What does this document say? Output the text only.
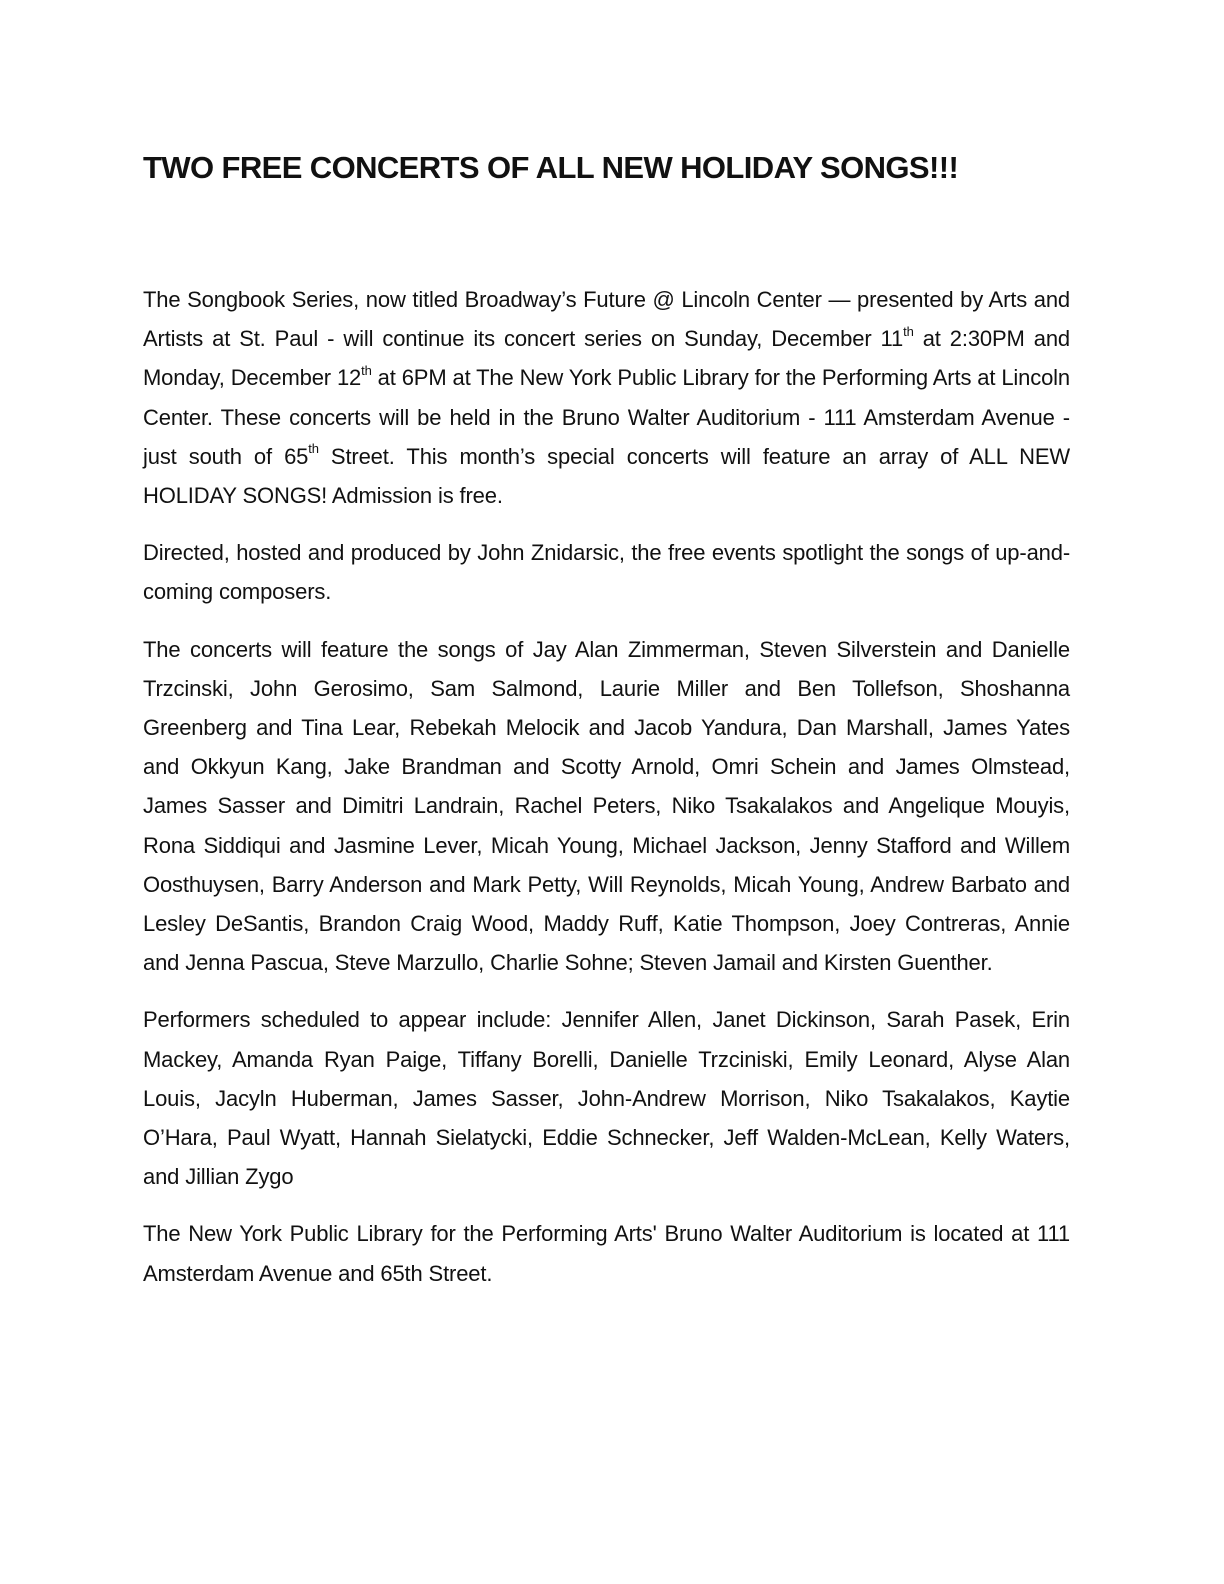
TWO FREE CONCERTS OF ALL NEW HOLIDAY SONGS!!!

The Songbook Series, now titled Broadway’s Future @ Lincoln Center — presented by Arts and Artists at St. Paul - will continue its concert series on Sunday, December 11th at 2:30PM and Monday, December 12th at 6PM at The New York Public Library for the Performing Arts at Lincoln Center. These concerts will be held in the Bruno Walter Auditorium - 111 Amsterdam Avenue - just south of 65th Street. This month’s special concerts will feature an array of ALL NEW HOLIDAY SONGS! Admission is free.

Directed, hosted and produced by John Znidarsic, the free events spotlight the songs of up-and-coming composers.

The concerts will feature the songs of Jay Alan Zimmerman, Steven Silverstein and Danielle Trzcinski, John Gerosimo, Sam Salmond, Laurie Miller and Ben Tollefson, Shoshanna Greenberg and Tina Lear, Rebekah Melocik and Jacob Yandura, Dan Marshall, James Yates and Okkyun Kang, Jake Brandman and Scotty Arnold, Omri Schein and James Olmstead, James Sasser and Dimitri Landrain, Rachel Peters, Niko Tsakalakos and Angelique Mouyis, Rona Siddiqui and Jasmine Lever, Micah Young, Michael Jackson, Jenny Stafford and Willem Oosthuysen, Barry Anderson and Mark Petty, Will Reynolds, Micah Young, Andrew Barbato and Lesley DeSantis, Brandon Craig Wood, Maddy Ruff, Katie Thompson, Joey Contreras, Annie and Jenna Pascua, Steve Marzullo, Charlie Sohne; Steven Jamail and Kirsten Guenther.

Performers scheduled to appear include: Jennifer Allen, Janet Dickinson, Sarah Pasek, Erin Mackey, Amanda Ryan Paige, Tiffany Borelli, Danielle Trzciniski, Emily Leonard, Alyse Alan Louis, Jacyln Huberman, James Sasser, John-Andrew Morrison, Niko Tsakalakos, Kaytie O’Hara, Paul Wyatt, Hannah Sielatycki, Eddie Schnecker, Jeff Walden-McLean, Kelly Waters, and Jillian Zygo

The New York Public Library for the Performing Arts' Bruno Walter Auditorium is located at 111 Amsterdam Avenue and 65th Street.
